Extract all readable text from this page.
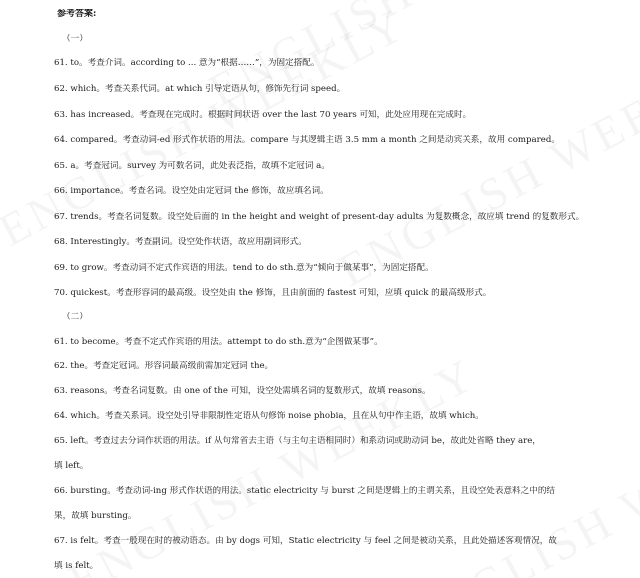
参考答案:
（一）
61. to。考查介词。according to ... 意为“根据……”，为固定搭配。
62. which。考查关系代词。at which 引导定语从句，修饰先行词 speed。
63. has increased。考查现在完成时。根据时间状语 over the last 70 years 可知，此处应用现在完成时。
64. compared。考查动词-ed 形式作状语的用法。compare 与其逻辑主语 3.5 mm a month 之间是动宾关系，故用 compared。
65. a。考查冠词。survey 为可数名词，此处表泛指，故填不定冠词 a。
66. importance。考查名词。设空处由定冠词 the 修饰，故应填名词。
67. trends。考查名词复数。设空处后面的 in the height and weight of present-day adults 为复数概念，故应填 trend 的复数形式。
68. Interestingly。考查副词。设空处作状语，故应用副词形式。
69. to grow。考查动词不定式作宾语的用法。tend to do sth.意为“倾向于做某事”，为固定搭配。
70. quickest。考查形容词的最高级。设空处由 the 修饰，且由前面的 fastest 可知，应填 quick 的最高级形式。
（二）
61. to become。考查不定式作宾语的用法。attempt to do sth.意为“企图做某事”。
62. the。考查定冠词。形容词最高级前需加定冠词 the。
63. reasons。考查名词复数。由 one of the 可知，设空处需填名词的复数形式，故填 reasons。
64. which。考查关系词。设空处引导非限制性定语从句修饰 noise phobia，且在从句中作主语，故填 which。
65. left。考查过去分词作状语的用法。if 从句常省去主语（与主句主语相同时）和系动词或助动词 be，故此处省略 they are，
填 left。
66. bursting。考查动词-ing 形式作状语的用法。static electricity 与 burst 之间是逻辑上的主谓关系，且设空处表意料之中的结
果，故填 bursting。
67. is felt。考查一般现在时的被动语态。由 by dogs 可知，Static electricity 与 feel 之间是被动关系，且此处描述客观情况，故
填 is felt。
